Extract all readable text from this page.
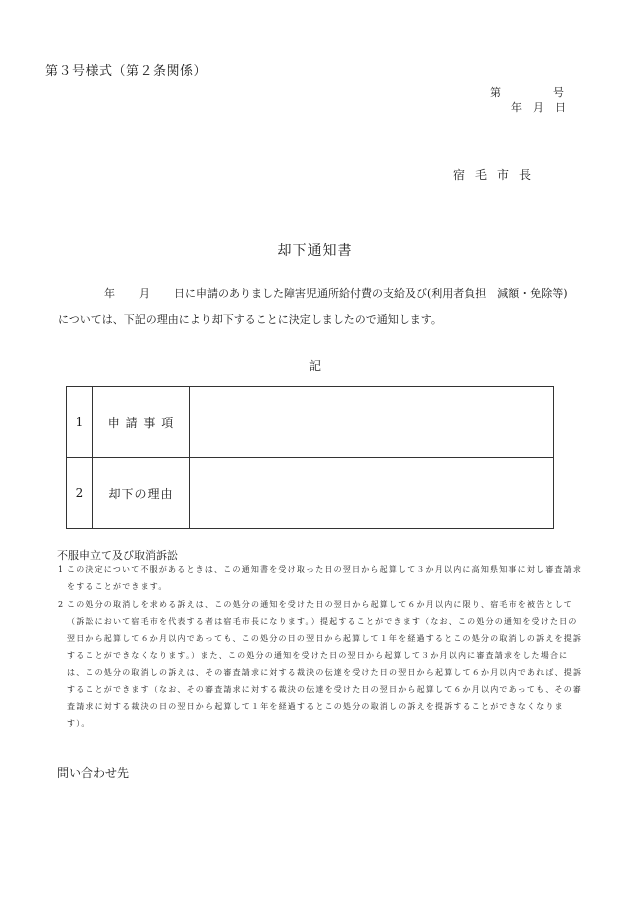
第３号様式（第２条関係）
第	号
年　月　日
宿毛市長
却下通知書
年 月 日に申請のありました障害児通所給付費の支給及び(利用者負担　減額・免除等)
については、下記の理由により却下することに決定しましたので通知します。
記
1	申 請 事 項	
2	却下の理由	
不服申立て及び取消訴訟
1 この決定について不服があるときは、この通知書を受け取った日の翌日から起算して３か月以内に高知県知事に対し審査請求をすることができます。
2 この処分の取消しを求める訴えは、この処分の通知を受けた日の翌日から起算して６か月以内に限り、宿毛市を被告として（訴訟において宿毛市を代表する者は宿毛市長になります。）提起することができます（なお、この処分の通知を受けた日の翌日から起算して６か月以内であっても、この処分の日の翌日から起算して１年を経過するとこの処分の取消しの訴えを提訴することができなくなります。）また、この処分の通知を受けた日の翌日から起算して３か月以内に審査請求をした場合には、この処分の取消しの訴えは、その審査請求に対する裁決の伝達を受けた日の翌日から起算して６か月以内であれば、提訴することができます（なお、その審査請求に対する裁決の伝達を受けた日の翌日から起算して６か月以内であっても、その審査請求に対する裁決の日の翌日から起算して１年を経過するとこの処分の取消しの訴えを提訴することができなくなります）。
問い合わせ先
